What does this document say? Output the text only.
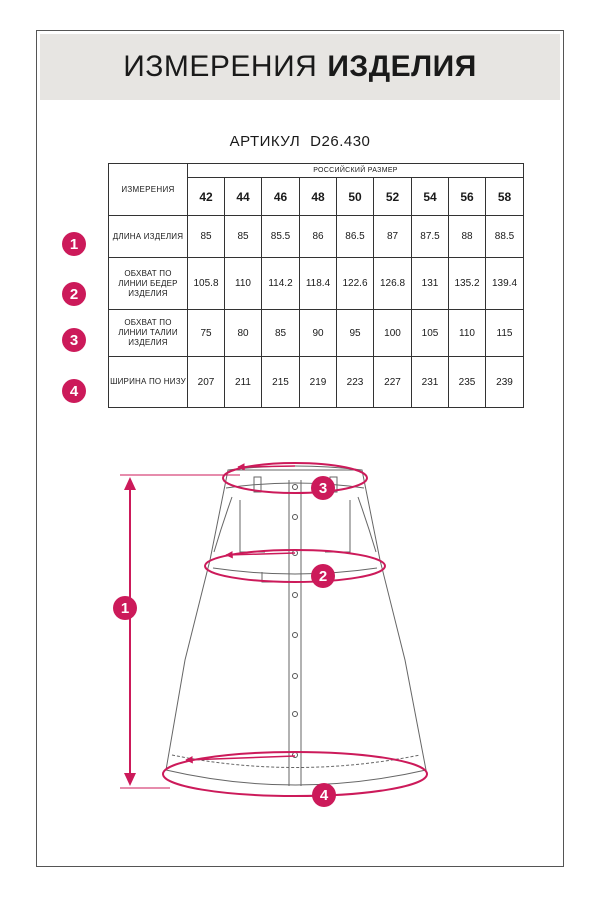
ИЗМЕРЕНИЯ ИЗДЕЛИЯ
АРТИКУЛ D26.430
ИЗМЕРЕНИЯ	РОССИЙСКИЙ РАЗМЕР								
	42	44	46	48	50	52	54	56	58
ДЛИНА ИЗДЕЛИЯ	85	85	85.5	86	86.5	87	87.5	88	88.5
ОБХВАТ ПО ЛИНИИ БЕДЕР ИЗДЕЛИЯ	105.8	110	114.2	118.4	122.6	126.8	131	135.2	139.4
ОБХВАТ ПО ЛИНИИ ТАЛИИ ИЗДЕЛИЯ	75	80	85	90	95	100	105	110	115
ШИРИНА ПО НИЗУ	207	211	215	219	223	227	231	235	239
1
2
3
4
1
2
3
4
